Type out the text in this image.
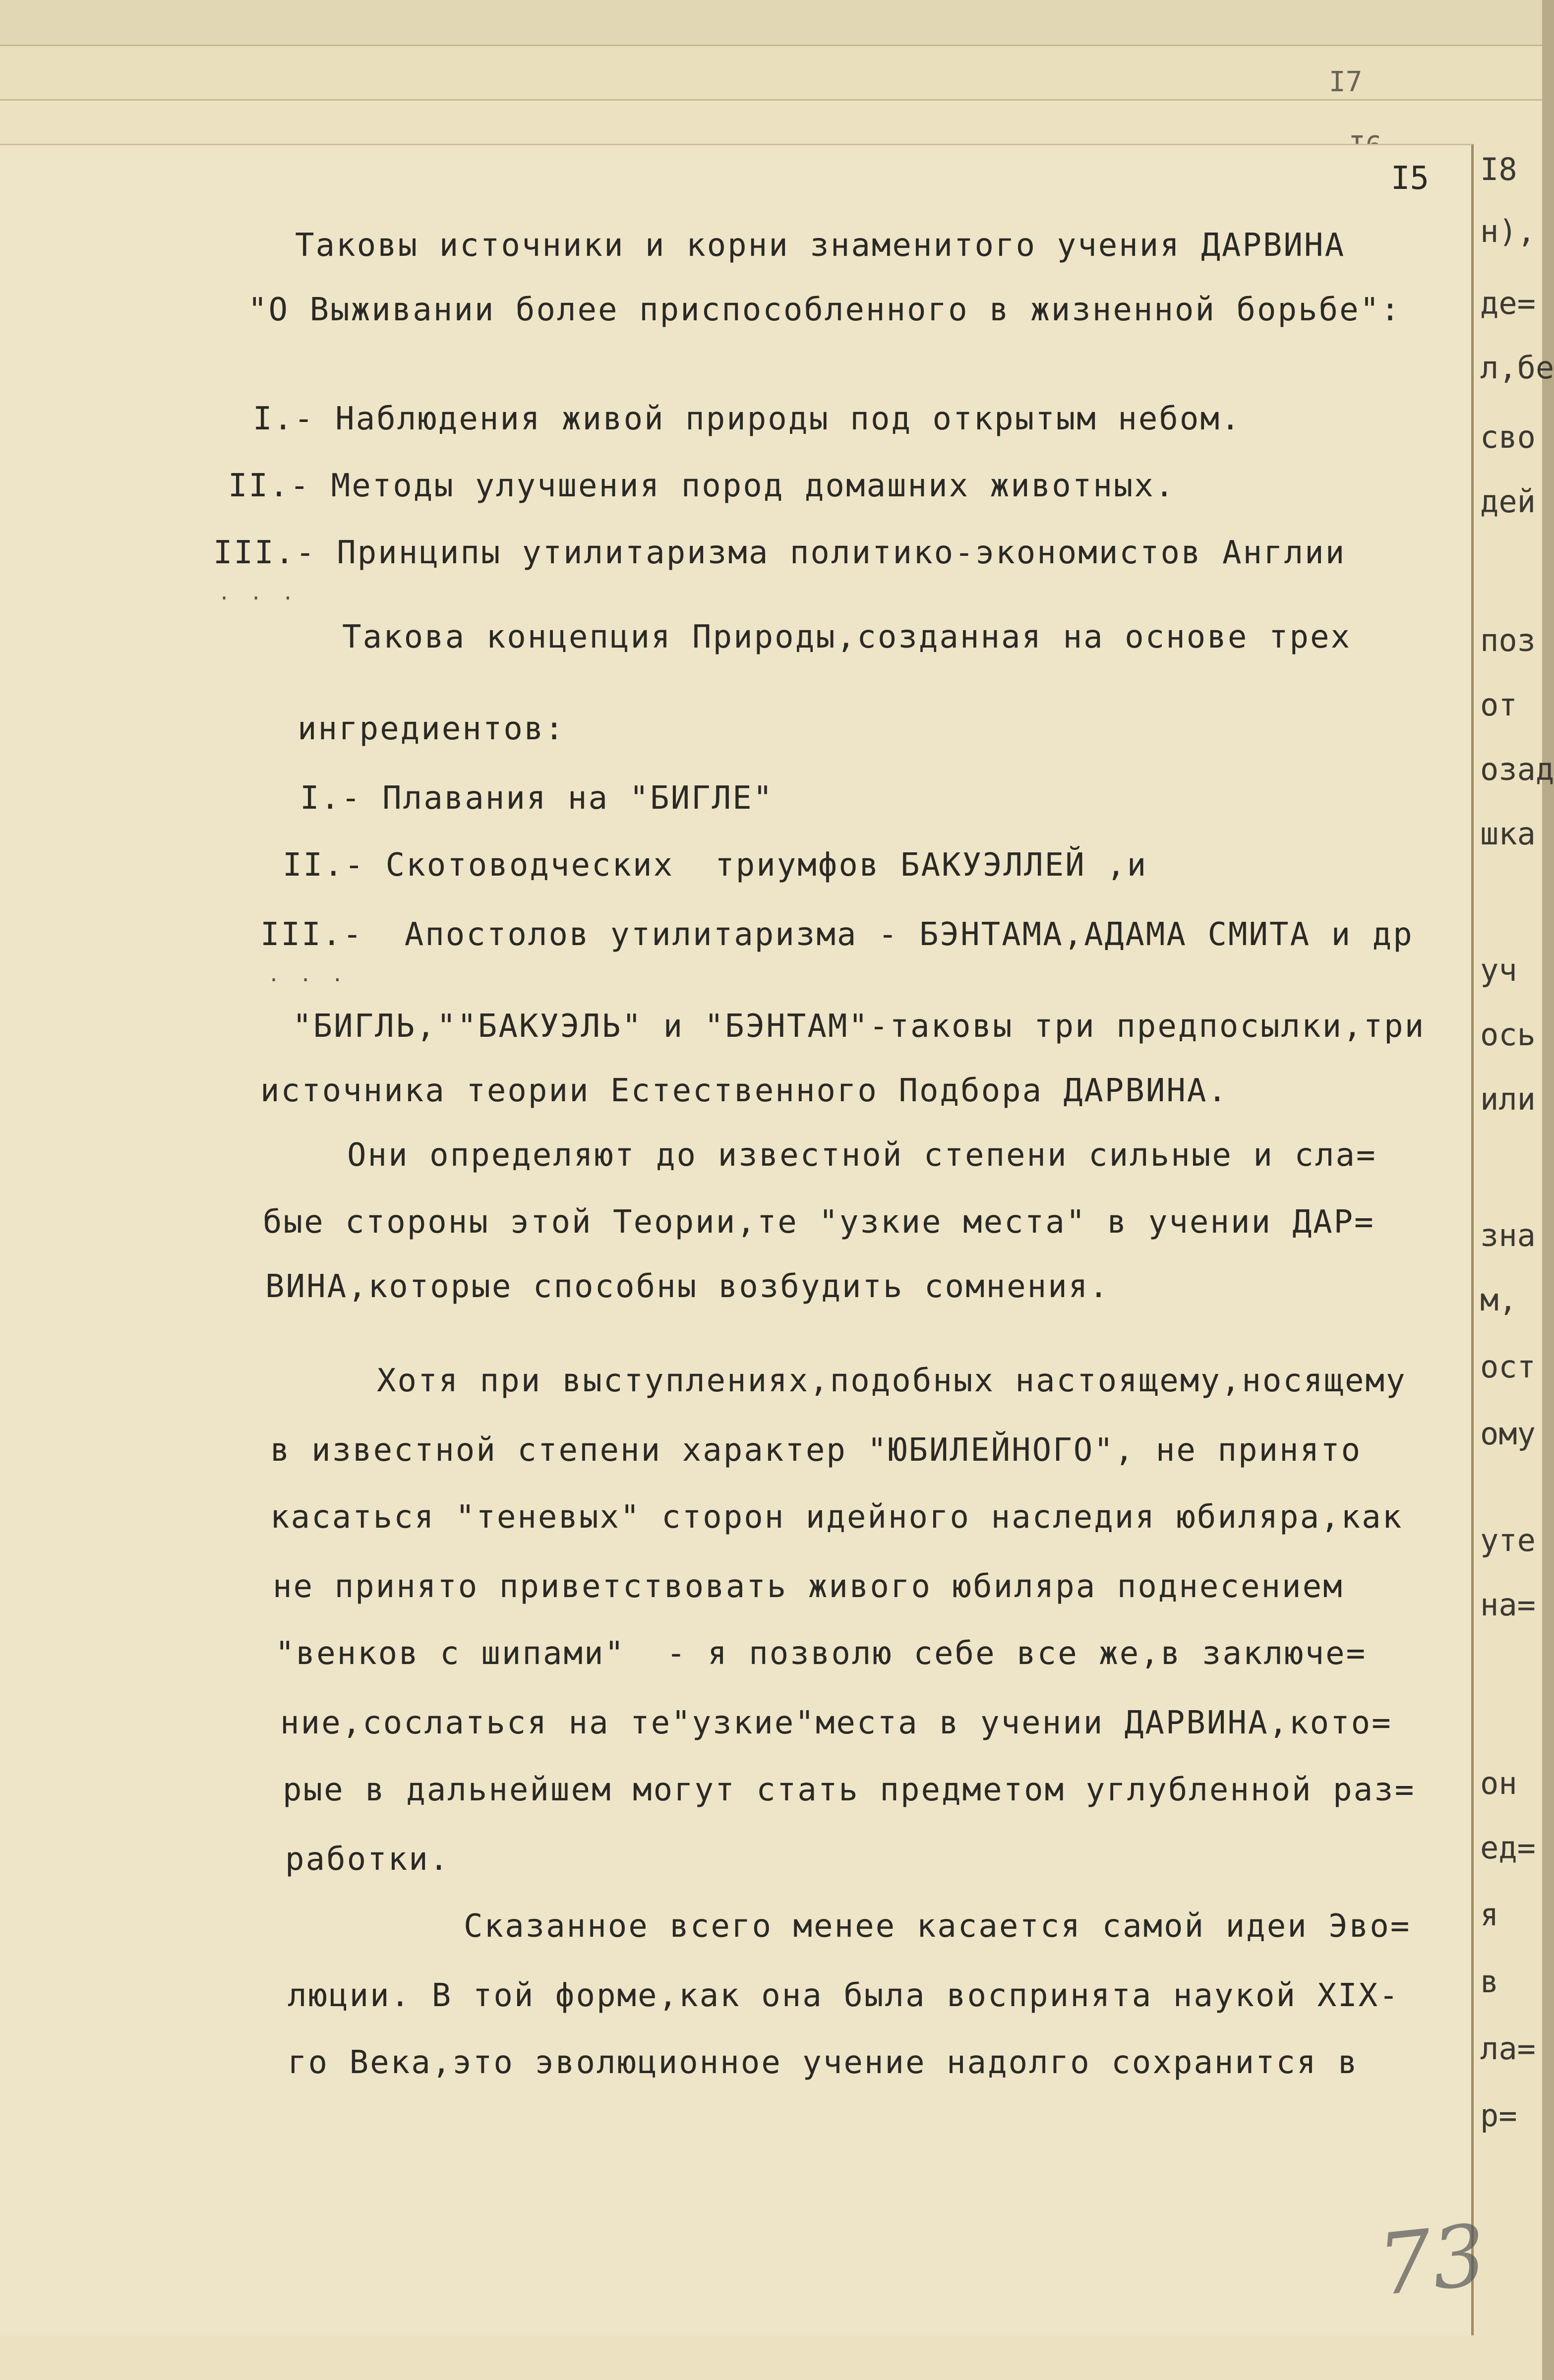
I7
I8
н),
де=
л,бе
сво
дей
поз
от
озад
шка
уч
ось
или
зна
м,
ост
ому
уте
на=
он
ед=
я
в
ла=
р=
I5
Таковы источники и корни знаменитого учения ДАРВИНА
"О Выживании более приспособленного в жизненной борьбе":
I.- Наблюдения живой природы под открытым небом.
II.- Методы улучшения пород домашних животных.
III.- Принципы утилитаризма политико-экономистов Англии
. . .
Такова концепция Природы,созданная на основе трех
ингредиентов:
I.- Плавания на "БИГЛЕ"
II.- Скотоводческих  триумфов БАКУЭЛЛЕЙ ,и
III.-  Апостолов утилитаризма - БЭНТАМА,АДАМА СМИТА и др
. . .
"БИГЛЬ,""БАКУЭЛЬ" и "БЭНТАМ"-таковы три предпосылки,три
источника теории Естественного Подбора ДАРВИНА.
Они определяют до известной степени сильные и сла=
бые стороны этой Теории,те "узкие места" в учении ДАР=
ВИНА,которые способны возбудить сомнения.
Хотя при выступлениях,подобных настоящему,носящему
в известной степени характер "ЮБИЛЕЙНОГО", не принято
касаться "теневых" сторон идейного наследия юбиляра,как
не принято приветствовать живого юбиляра поднесением
"венков с шипами"  - я позволю себе все же,в заключе=
ние,сослаться на те"узкие"места в учении ДАРВИНА,кото=
рые в дальнейшем могут стать предметом углубленной раз=
работки.
Сказанное всего менее касается самой идеи Эво=
люции. В той форме,как она была воспринята наукой XIX-
го Века,это эволюционное учение надолго сохранится в
73
